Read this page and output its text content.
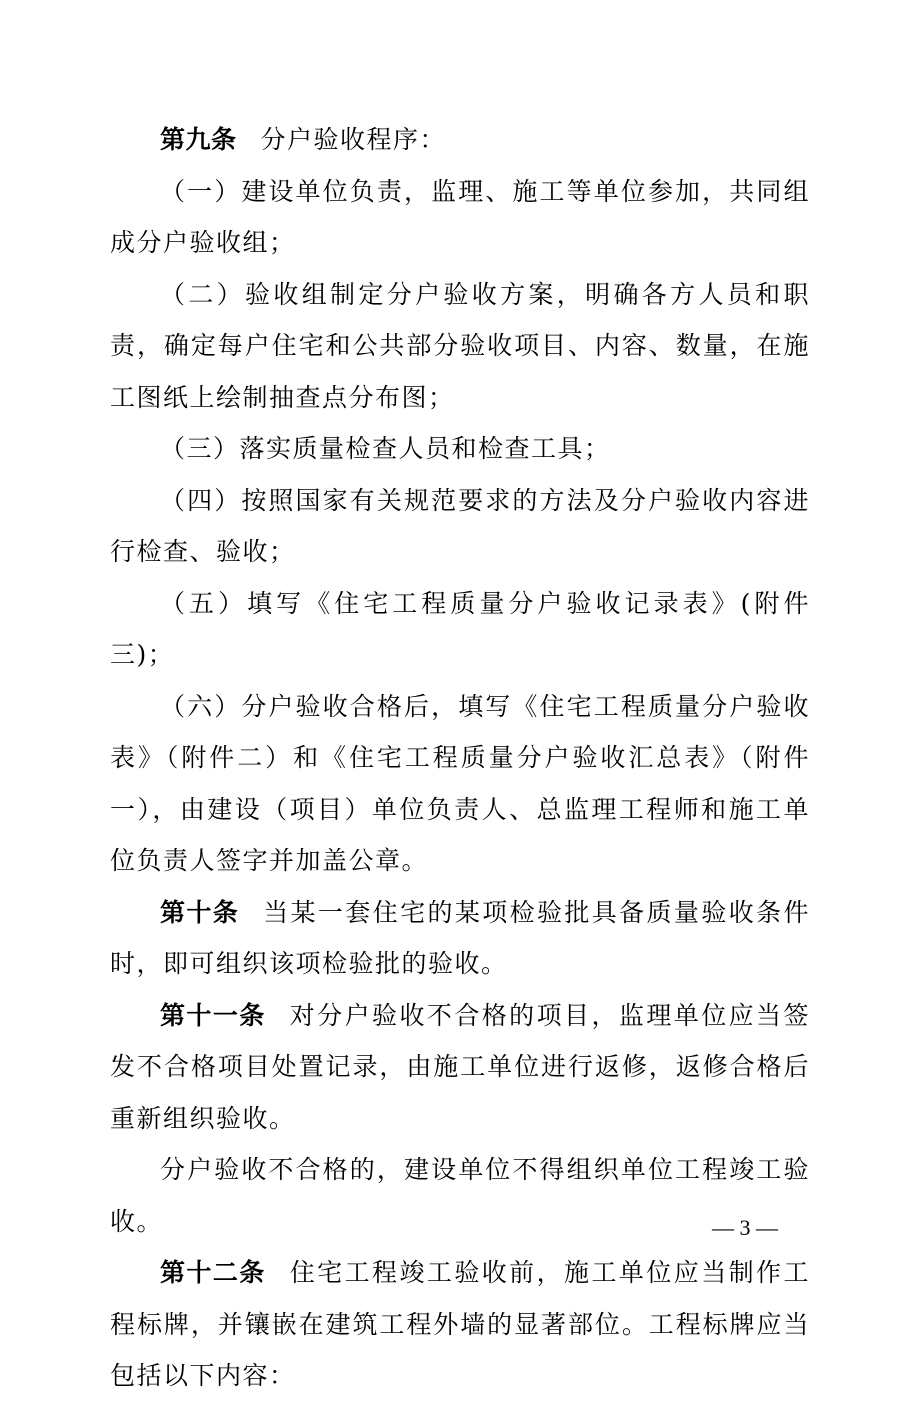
第九条 分户验收程序：

（一）建设单位负责，监理、施工等单位参加，共同组成分户验收组；

（二）验收组制定分户验收方案，明确各方人员和职责，确定每户住宅和公共部分验收项目、内容、数量，在施工图纸上绘制抽查点分布图；

（三）落实质量检查人员和检查工具；

（四）按照国家有关规范要求的方法及分户验收内容进行检查、验收；

（五）填写《住宅工程质量分户验收记录表》(附件三)；

（六）分户验收合格后，填写《住宅工程质量分户验收表》（附件二）和《住宅工程质量分户验收汇总表》（附件一），由建设（项目）单位负责人、总监理工程师和施工单位负责人签字并加盖公章。

第十条 当某一套住宅的某项检验批具备质量验收条件时，即可组织该项检验批的验收。

第十一条 对分户验收不合格的项目，监理单位应当签发不合格项目处置记录，由施工单位进行返修，返修合格后重新组织验收。

分户验收不合格的，建设单位不得组织单位工程竣工验收。

第十二条 住宅工程竣工验收前，施工单位应当制作工程标牌，并镶嵌在建筑工程外墙的显著部位。工程标牌应当包括以下内容：

— 3 —
